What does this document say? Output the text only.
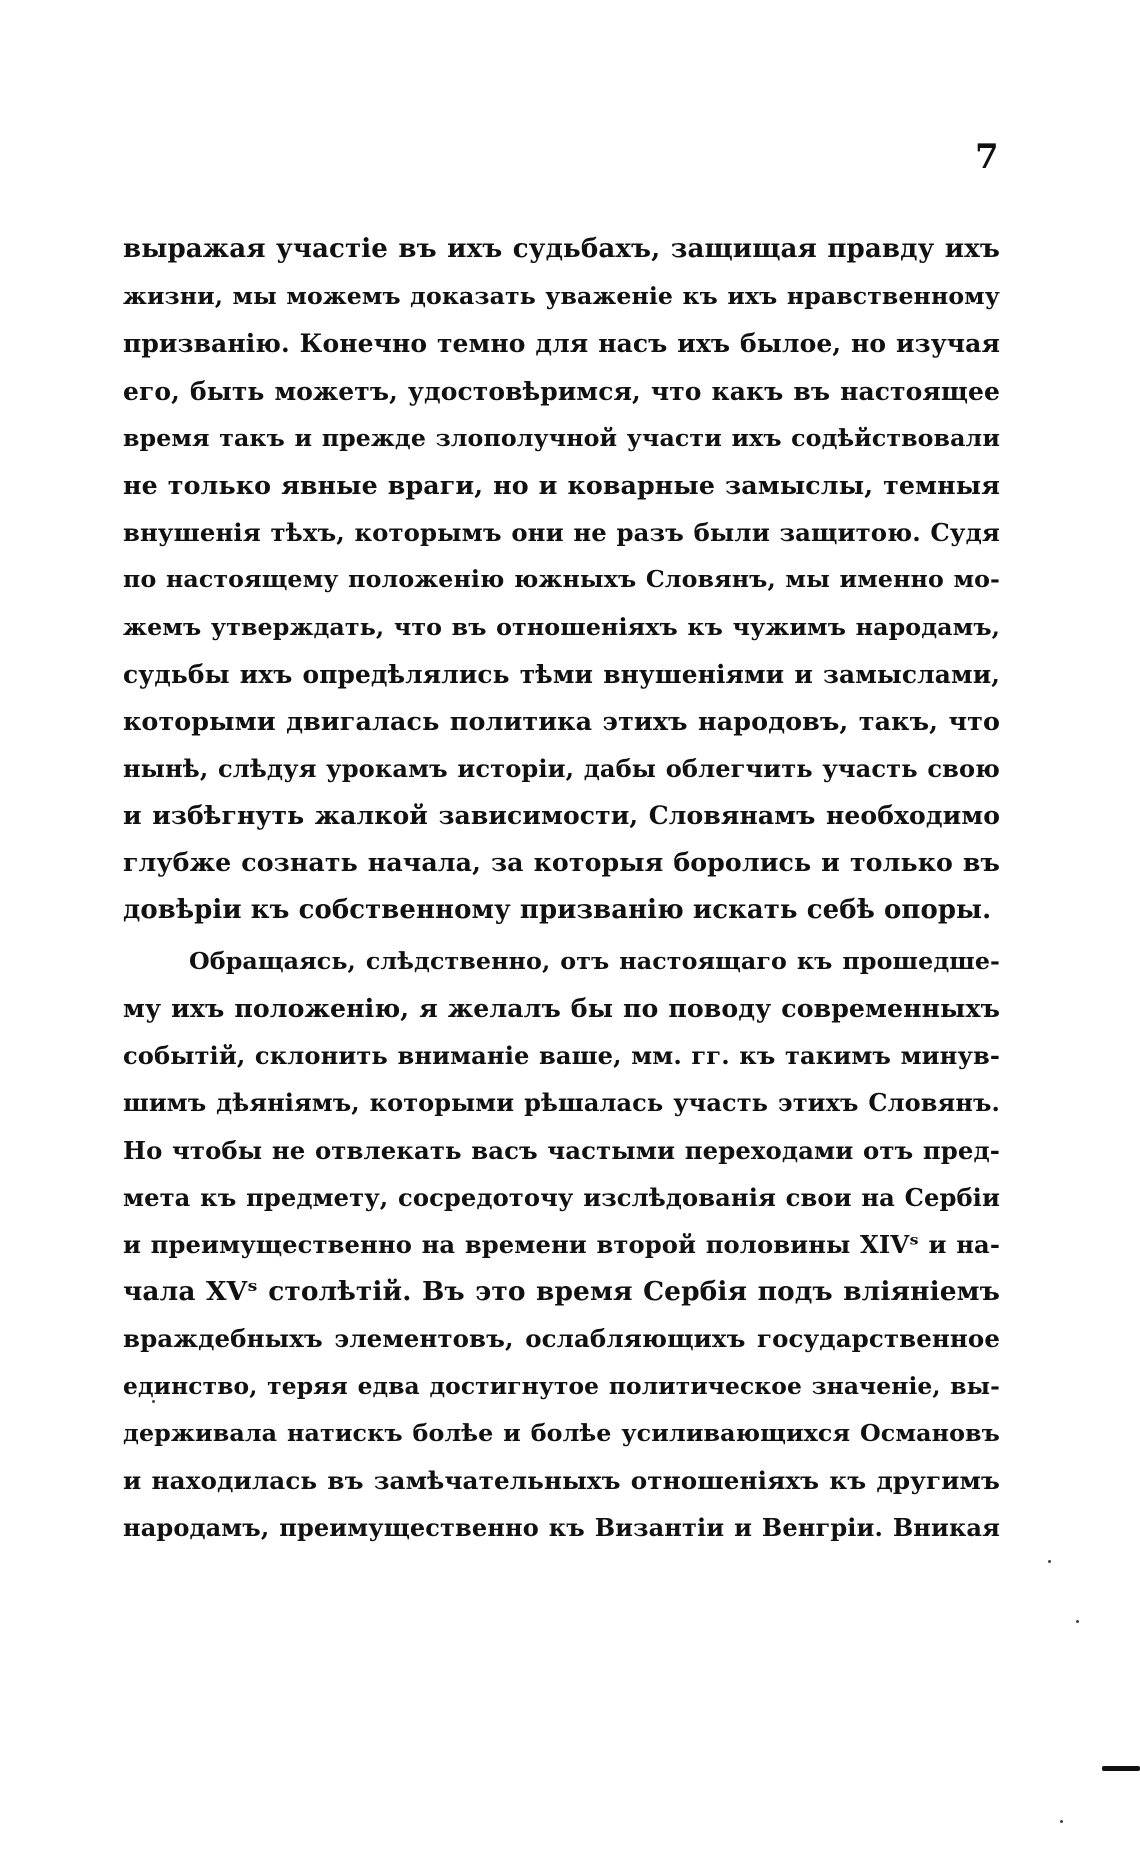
7
выражая участіе въ ихъ судьбахъ, защищая правду ихъ
жизни, мы можемъ доказать уваженіе къ ихъ нравственному
призванію. Конечно темно для насъ ихъ былое, но изучая
его, быть можетъ, удостовѣримся, что какъ въ настоящее
время такъ и прежде злополучной участи ихъ содѣйствовали
не только явные враги, но и коварные замыслы, темныя
внушенія тѣхъ, которымъ они не разъ были защитою. Судя
по настоящему положенію южныхъ Словянъ, мы именно мо-
жемъ утверждать, что въ отношеніяхъ къ чужимъ народамъ,
судьбы ихъ опредѣлялись тѣми внушеніями и замыслами,
которыми двигалась политика этихъ народовъ, такъ, что
нынѣ, слѣдуя урокамъ исторіи, дабы облегчить участь свою
и избѣгнуть жалкой зависимости, Словянамъ необходимо
глубже сознать начала, за которыя боролись и только въ
довѣріи къ собственному призванію искать себѣ опоры.
Обращаясь, слѣдственно, отъ настоящаго къ прошедше-
му ихъ положенію, я желалъ бы по поводу современныхъ
событій, склонить вниманіе ваше, мм. гг. къ такимъ минув-
шимъ дѣяніямъ, которыми рѣшалась участь этихъ Словянъ.
Но чтобы не отвлекать васъ частыми переходами отъ пред-
мета къ предмету, сосредоточу изслѣдованія свои на Сербіи
и преимущественно на времени второй половины XIVˢ и на-
чала XVˢ столѣтій. Въ это время Сербія подъ вліяніемъ
враждебныхъ элементовъ, ослабляющихъ государственное
единство, теряя едва достигнутое политическое значеніе, вы-
держивала натискъ болѣе и болѣе усиливающихся Османовъ
и находилась въ замѣчательныхъ отношеніяхъ къ другимъ
народамъ, преимущественно къ Византіи и Венгріи. Вникая
